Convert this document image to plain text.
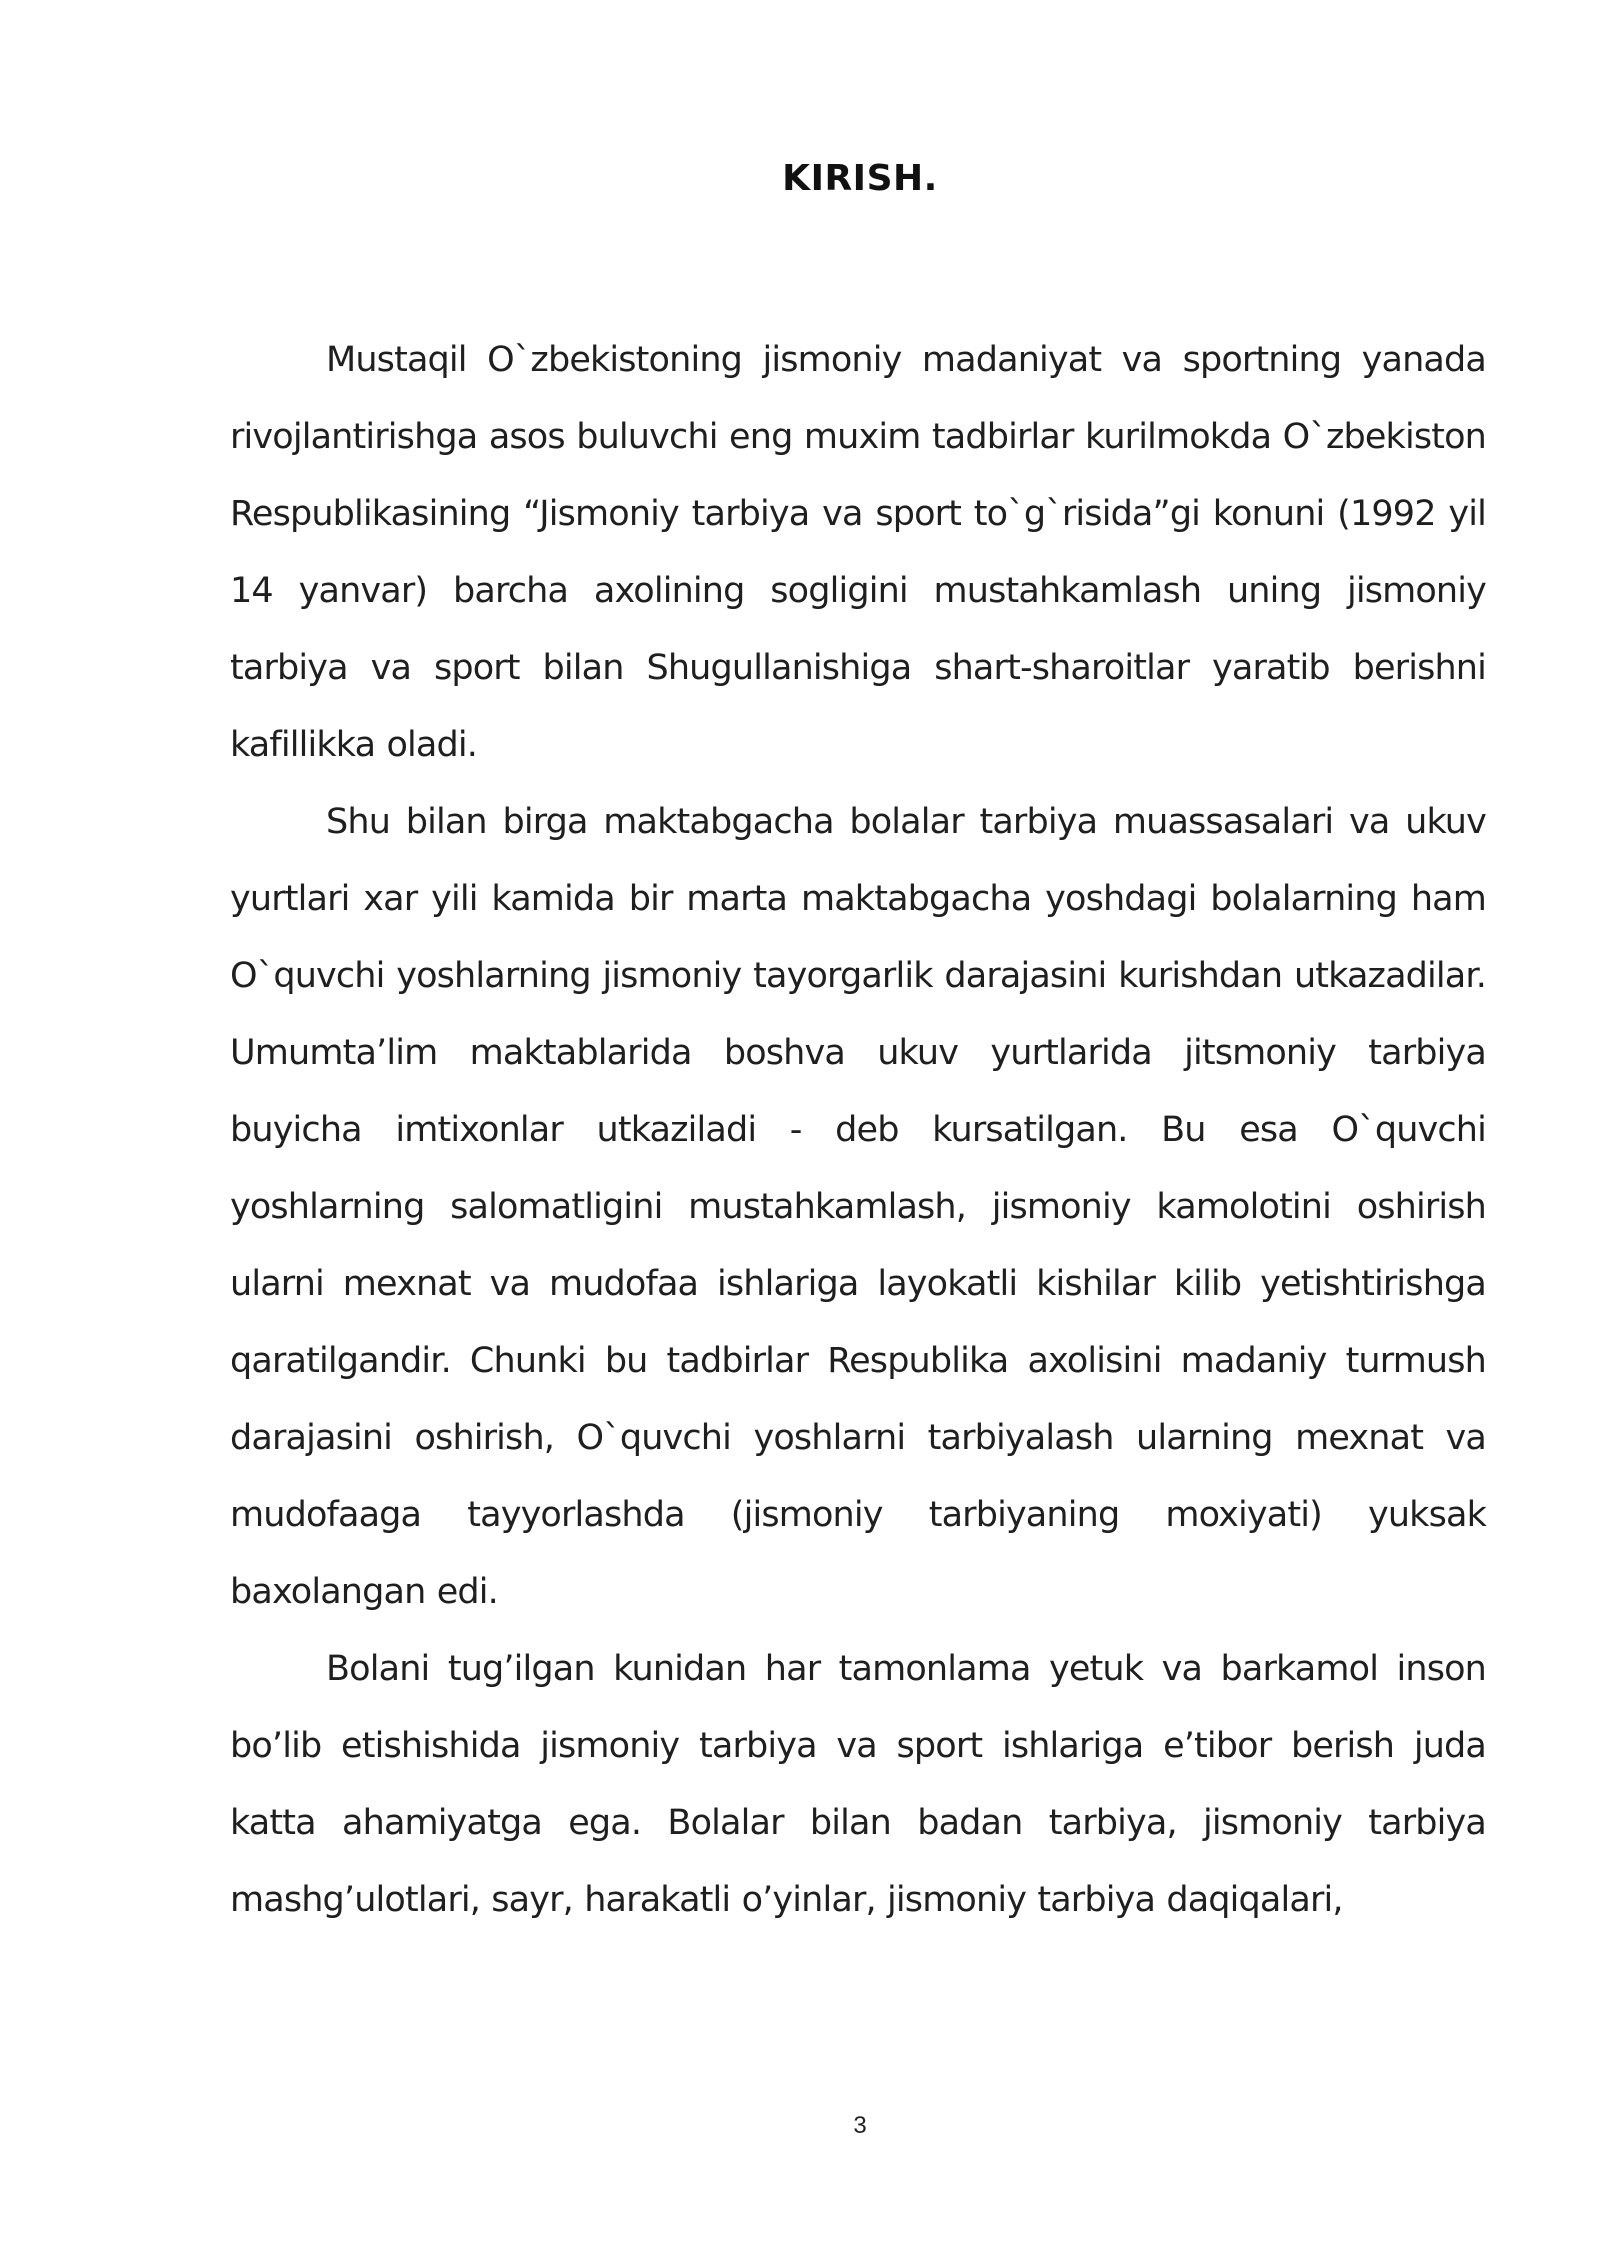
KIRISH.

Mustaqil O`zbekistoning jismoniy madaniyat va sportning yanada rivojlantirishga asos buluvchi eng muxim tadbirlar kurilmokda O`zbekiston Respublikasining “Jismoniy tarbiya va sport to`g`risida”gi konuni (1992 yil 14 yanvar) barcha axolining sogligini mustahkamlash uning jismoniy tarbiya va sport bilan Shugullanishiga shart-sharoitlar yaratib berishni kafillikka oladi.

Shu bilan birga maktabgacha bolalar tarbiya muassasalari va ukuv yurtlari xar yili kamida bir marta maktabgacha yoshdagi bolalarning ham O`quvchi yoshlarning jismoniy tayorgarlik darajasini kurishdan utkazadilar. Umumta’lim maktablarida boshva ukuv yurtlarida jitsmoniy tarbiya buyicha imtixonlar utkaziladi - deb kursatilgan. Bu esa O`quvchi yoshlarning salomatligini mustahkamlash, jismoniy kamolotini oshirish ularni mexnat va mudofaa ishlariga layokatli kishilar kilib yetishtirishga qaratilgandir. Chunki bu tadbirlar Respublika axolisini madaniy turmush darajasini oshirish, O`quvchi yoshlarni tarbiyalash ularning mexnat va mudofaaga tayyorlashda (jismoniy tarbiyaning moxiyati) yuksak baxolangan edi.

Bolani tug’ilgan kunidan har tamonlama yetuk va barkamol inson bo’lib etishishida jismoniy tarbiya va sport ishlariga e’tibor berish juda katta ahamiyatga ega. Bolalar bilan badan tarbiya, jismoniy tarbiya mashg’ulotlari, sayr, harakatli o’yinlar, jismoniy tarbiya daqiqalari,

3
